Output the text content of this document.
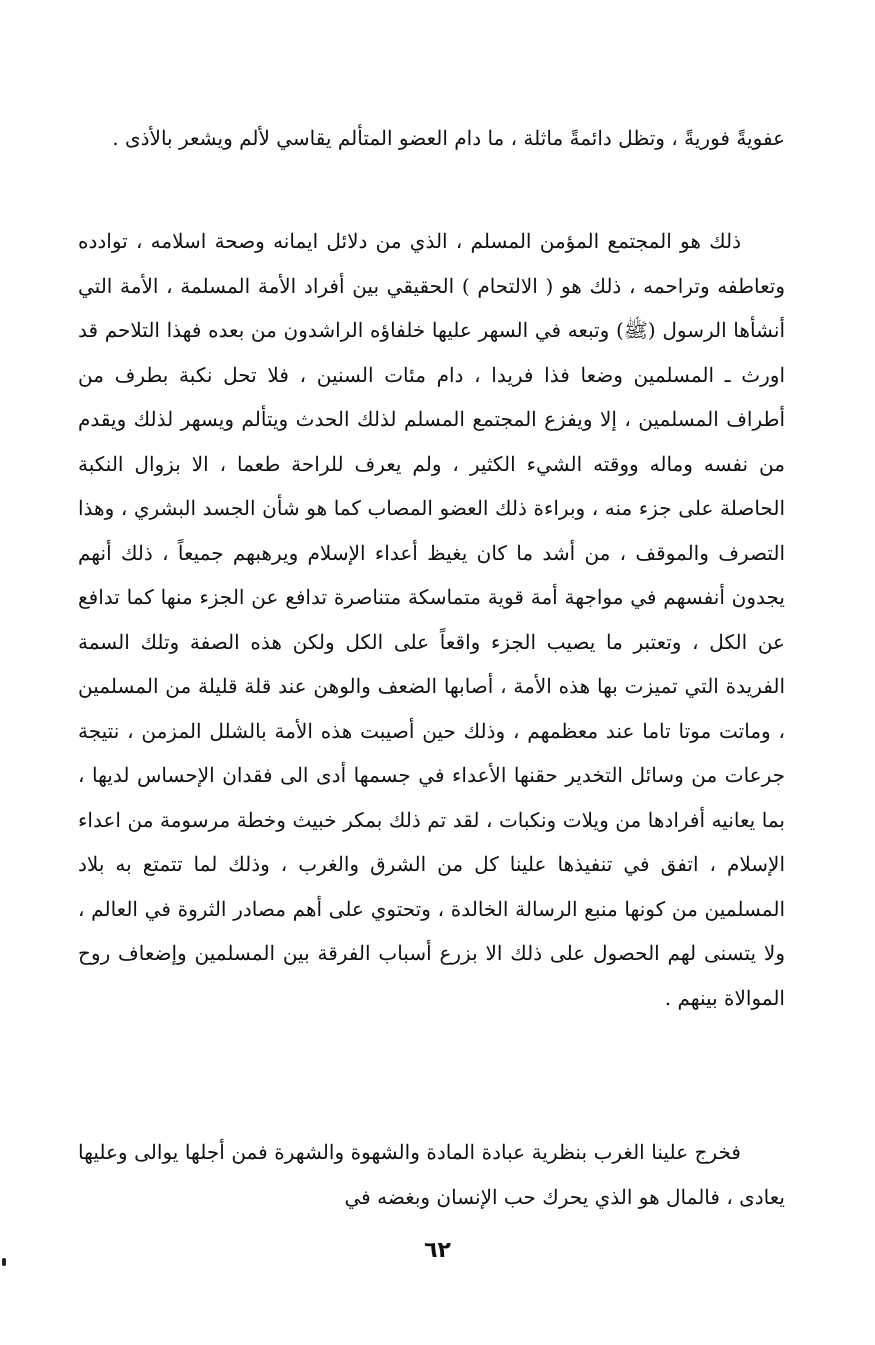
عفويةً فوريةً ، وتظل دائمةً ماثلة ، ما دام العضو المتألم يقاسي لألم ويشعر بالأذى .

ذلك هو المجتمع المؤمن المسلم ، الذي من دلائل ايمانه وصحة اسلامه ، توادده وتعاطفه وتراحمه ، ذلك هو ( الالتحام ) الحقيقي بين أفراد الأمة المسلمة ، الأمة التي أنشأها الرسول (ﷺ) وتبعه في السهر عليها خلفاؤه الراشدون من بعده فهذا التلاحم قد اورث ـ المسلمين وضعا فذا فريدا ، دام مئات السنين ، فلا تحل نكبة بطرف من أطراف المسلمين ، إلا ويفزع المجتمع المسلم لذلك الحدث ويتألم ويسهر لذلك ويقدم من نفسه وماله ووقته الشيء الكثير ، ولم يعرف للراحة طعما ، الا بزوال النكبة الحاصلة على جزء منه ، وبراءة ذلك العضو المصاب كما هو شأن الجسد البشري ، وهذا التصرف والموقف ، من أشد ما كان يغيظ أعداء الإسلام ويرهبهم جميعاً ، ذلك أنهم يجدون أنفسهم في مواجهة أمة قوية متماسكة متناصرة تدافع عن الجزء منها كما تدافع عن الكل ، وتعتبر ما يصيب الجزء واقعاً على الكل ولكن هذه الصفة وتلك السمة الفريدة التي تميزت بها هذه الأمة ، أصابها الضعف والوهن عند قلة قليلة من المسلمين ، وماتت موتا تاما عند معظمهم ، وذلك حين أصيبت هذه الأمة بالشلل المزمن ، نتيجة جرعات من وسائل التخدير حقنها الأعداء في جسمها أدى الى فقدان الإحساس لديها ، بما يعانيه أفرادها من ويلات ونكبات ، لقد تم ذلك بمكر خبيث وخطة مرسومة من اعداء الإسلام ، اتفق في تنفيذها علينا كل من الشرق والغرب ، وذلك لما تتمتع به بلاد المسلمين من كونها منبع الرسالة الخالدة ، وتحتوي على أهم مصادر الثروة في العالم ، ولا يتسنى لهم الحصول على ذلك الا بزرع أسباب الفرقة بين المسلمين وإضعاف روح الموالاة بينهم .

فخرج علينا الغرب بنظرية عبادة المادة والشهوة والشهرة فمن أجلها يوالى وعليها يعادى ، فالمال هو الذي يحرك حب الإنسان وبغضه في

٦٢
